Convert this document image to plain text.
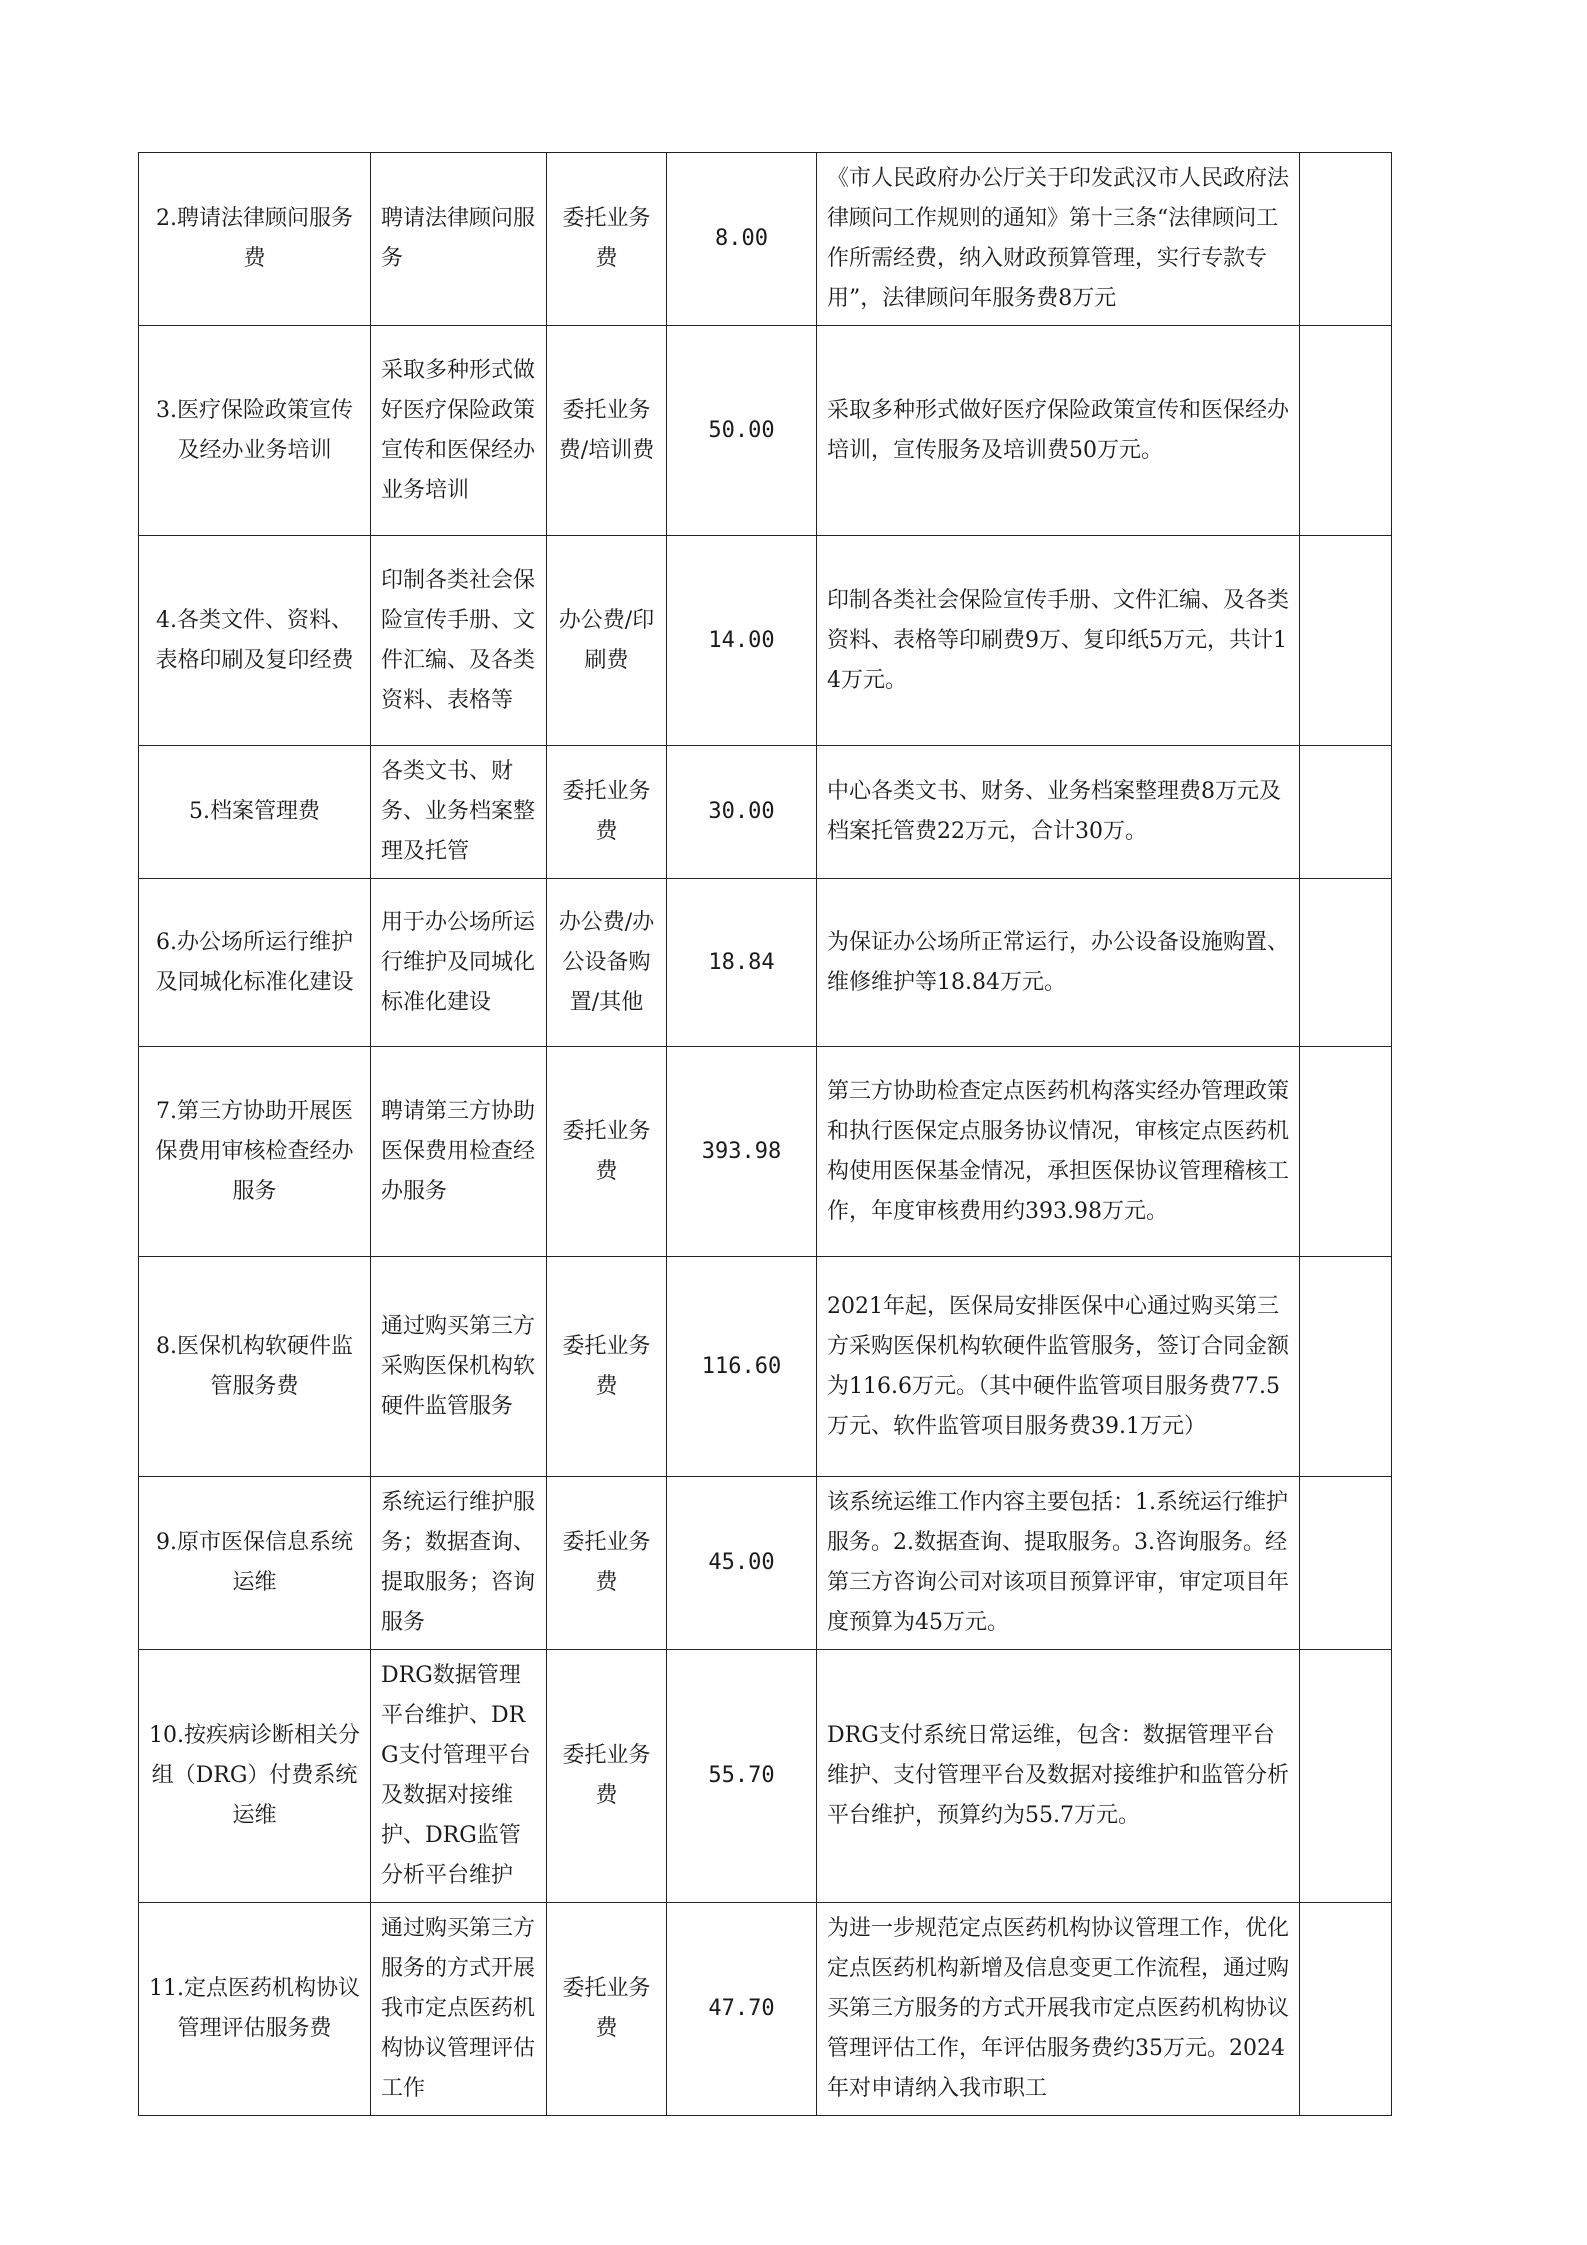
2.聘请法律顾问服务费	聘请法律顾问服务	委托业务费	8.00	《市人民政府办公厅关于印发武汉市人民政府法律顾问工作规则的通知》第十三条“法律顾问工作所需经费，纳入财政预算管理，实行专款专用”，法律顾问年服务费8万元	
3.医疗保险政策宣传及经办业务培训	采取多种形式做好医疗保险政策宣传和医保经办业务培训	委托业务费/培训费	50.00	采取多种形式做好医疗保险政策宣传和医保经办培训，宣传服务及培训费50万元。	
4.各类文件、资料、表格印刷及复印经费	印制各类社会保险宣传手册、文件汇编、及各类资料、表格等	办公费/印刷费	14.00	印制各类社会保险宣传手册、文件汇编、及各类资料、表格等印刷费9万、复印纸5万元，共计14万元。	
5.档案管理费	各类文书、财务、业务档案整理及托管	委托业务费	30.00	中心各类文书、财务、业务档案整理费8万元及档案托管费22万元，合计30万。	
6.办公场所运行维护及同城化标准化建设	用于办公场所运行维护及同城化标准化建设	办公费/办公设备购置/其他	18.84	为保证办公场所正常运行，办公设备设施购置、维修维护等18.84万元。	
7.第三方协助开展医保费用审核检查经办服务	聘请第三方协助医保费用检查经办服务	委托业务费	393.98	第三方协助检查定点医药机构落实经办管理政策和执行医保定点服务协议情况，审核定点医药机构使用医保基金情况，承担医保协议管理稽核工作，年度审核费用约393.98万元。	
8.医保机构软硬件监管服务费	通过购买第三方采购医保机构软硬件监管服务	委托业务费	116.60	2021年起，医保局安排医保中心通过购买第三方采购医保机构软硬件监管服务，签订合同金额为116.6万元。（其中硬件监管项目服务费77.5万元、软件监管项目服务费39.1万元）	
9.原市医保信息系统运维	系统运行维护服务；数据查询、提取服务；咨询服务	委托业务费	45.00	该系统运维工作内容主要包括：1.系统运行维护服务。2.数据查询、提取服务。3.咨询服务。经第三方咨询公司对该项目预算评审，审定项目年度预算为45万元。	
10.按疾病诊断相关分组（DRG）付费系统运维	DRG数据管理平台维护、DRG支付管理平台及数据对接维护、DRG监管分析平台维护	委托业务费	55.70	DRG支付系统日常运维，包含：数据管理平台维护、支付管理平台及数据对接维护和监管分析平台维护，预算约为55.7万元。	
11.定点医药机构协议管理评估服务费	通过购买第三方服务的方式开展我市定点医药机构协议管理评估工作	委托业务费	47.70	为进一步规范定点医药机构协议管理工作，优化定点医药机构新增及信息变更工作流程，通过购买第三方服务的方式开展我市定点医药机构协议管理评估工作，年评估服务费约35万元。2024年对申请纳入我市职工	
